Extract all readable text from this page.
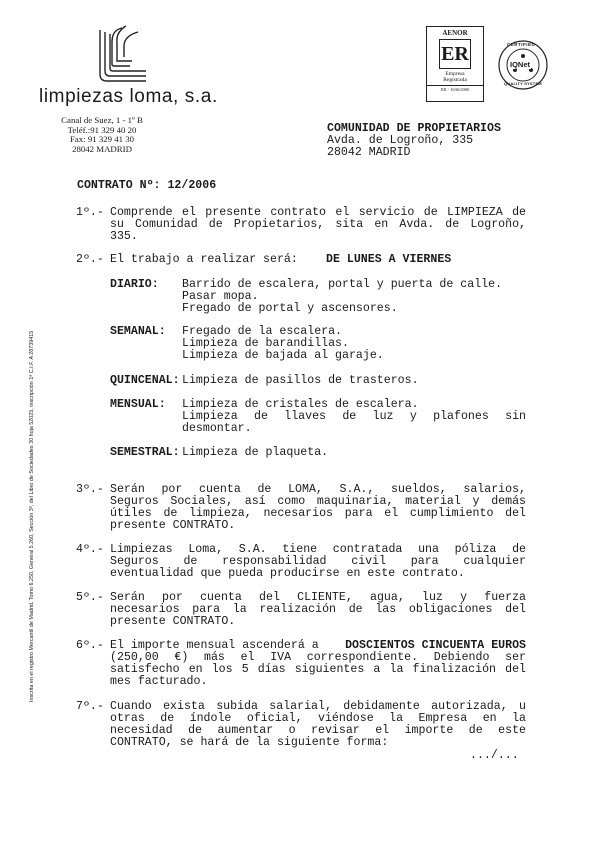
limpiezas loma, s.a.
AENOR
ER
Empresa
Registrada
ER - 1636/2000
IQNet
CERTIFIED
QUALITY SYSTEM
Canal de Suez, 1 - 1º B
Teléf.:91 329 40 20
Fax: 91 329 41 30
28042 MADRID
COMUNIDAD DE PROPIETARIOS
Avda. de Logroño, 335
28042 MADRID
CONTRATO Nº: 12/2006
1º.- Comprende el presente contrato el servicio de LIMPIEZA de
su Comunidad de Propietarios, sita en Avda. de Logroño,
335.
2º.- El trabajo a realizar será: DE LUNES A VIERNES
DIARIO: Barrido de escalera, portal y puerta de calle.
Pasar mopa.
Fregado de portal y ascensores.
SEMANAL: Fregado de la escalera.
Limpieza de barandillas.
Limpieza de bajada al garaje.
QUINCENAL: Limpieza de pasillos de trasteros.
MENSUAL: Limpieza de cristales de escalera.
Limpieza de llaves de luz y plafones sin
desmontar.
SEMESTRAL: Limpieza de plaqueta.
3º.- Serán por cuenta de LOMA, S.A., sueldos, salarios,
Seguros Sociales, así como maquinaria, material y demás
útiles de limpieza, necesarios para el cumplimiento del
presente CONTRATO.
4º.- Limpiezas Loma, S.A. tiene contratada una póliza de
Seguros de responsabilidad civil para cualquier
eventualidad que pueda producirse en este contrato.
5º.- Serán por cuenta del CLIENTE, agua, luz y fuerza
necesarios para la realización de las obligaciones del
presente CONTRATO.
6º.- El importe mensual ascenderá a DOSCIENTOS CINCUENTA EUROS
(250,00 €) más el IVA correspondiente. Debiendo ser
satisfecho en los 5 días siguientes a la finalización del
mes facturado.
7º.- Cuando exista subida salarial, debidamente autorizada, u
otras de índole oficial, viéndose la Empresa en la
necesidad de aumentar o revisar el importe de este
CONTRATO, se hará de la siguiente forma:
.../...
Inscrita en el registro Mercantil de Madrid, Tomo 6.250, General 5.260, Sección 3ª, del Libro de Sociedades 30 hoja 52025, inscripción 1ª C.I.F. A 28739415
